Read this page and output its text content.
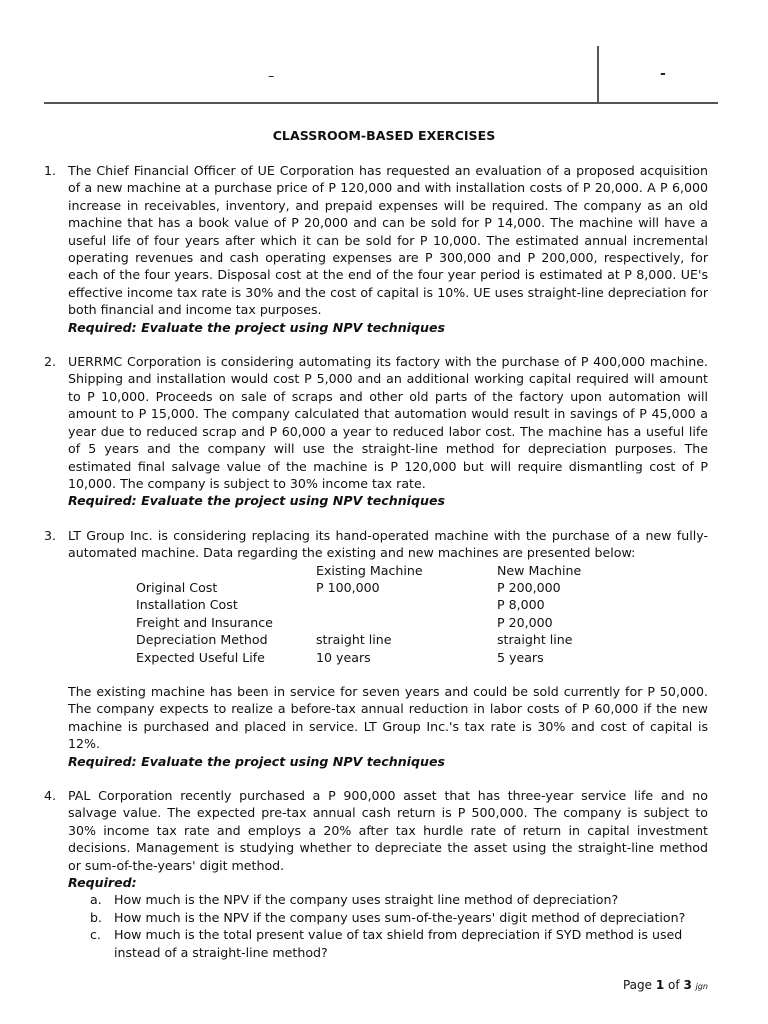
–	-
CLASSROOM-BASED EXERCISES
1. The Chief Financial Officer of UE Corporation has requested an evaluation of a proposed acquisition of a new machine at a purchase price of P 120,000 and with installation costs of P 20,000. A P 6,000 increase in receivables, inventory, and prepaid expenses will be required. The company as an old machine that has a book value of P 20,000 and can be sold for P 14,000. The machine will have a useful life of four years after which it can be sold for P 10,000. The estimated annual incremental operating revenues and cash operating expenses are P 300,000 and P 200,000, respectively, for each of the four years. Disposal cost at the end of the four year period is estimated at P 8,000. UE's effective income tax rate is 30% and the cost of capital is 10%. UE uses straight-line depreciation for both financial and income tax purposes.
Required: Evaluate the project using NPV techniques
2. UERRMC Corporation is considering automating its factory with the purchase of P 400,000 machine. Shipping and installation would cost P 5,000 and an additional working capital required will amount to P 10,000. Proceeds on sale of scraps and other old parts of the factory upon automation will amount to P 15,000. The company calculated that automation would result in savings of P 45,000 a year due to reduced scrap and P 60,000 a year to reduced labor cost. The machine has a useful life of 5 years and the company will use the straight-line method for depreciation purposes. The estimated final salvage value of the machine is P 120,000 but will require dismantling cost of P 10,000. The company is subject to 30% income tax rate.
Required: Evaluate the project using NPV techniques
3. LT Group Inc. is considering replacing its hand-operated machine with the purchase of a new fully-automated machine. Data regarding the existing and new machines are presented below:
	Existing Machine	New Machine
Original Cost	P 100,000	P 200,000
Installation Cost		P 8,000
Freight and Insurance		P 20,000
Depreciation Method	straight line	straight line
Expected Useful Life	10 years	5 years
The existing machine has been in service for seven years and could be sold currently for P 50,000. The company expects to realize a before-tax annual reduction in labor costs of P 60,000 if the new machine is purchased and placed in service. LT Group Inc.'s tax rate is 30% and cost of capital is 12%.
Required: Evaluate the project using NPV techniques
4. PAL Corporation recently purchased a P 900,000 asset that has three-year service life and no salvage value. The expected pre-tax annual cash return is P 500,000. The company is subject to 30% income tax rate and employs a 20% after tax hurdle rate of return in capital investment decisions. Management is studying whether to depreciate the asset using the straight-line method or sum-of-the-years' digit method.
Required:
a. How much is the NPV if the company uses straight line method of depreciation?
b. How much is the NPV if the company uses sum-of-the-years' digit method of depreciation?
c. How much is the total present value of tax shield from depreciation if SYD method is used instead of a straight-line method?
Page 1 of 3 jgn
